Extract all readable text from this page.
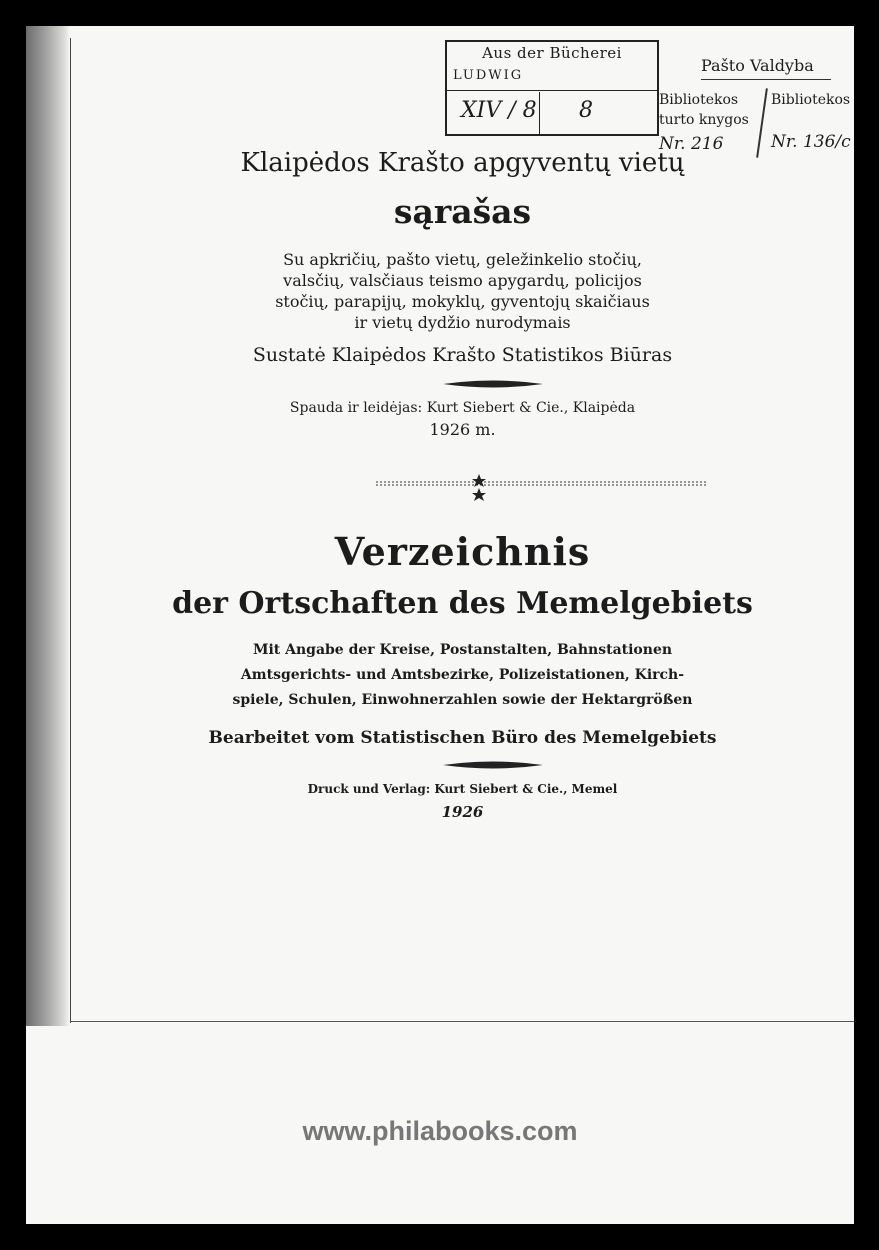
Aus der Bücherei
LUDWIG
XIV / 8 8
Pašto Valdyba
Bibliotekos
turto knygos
Nr. 216
Bibliotekos
Nr. 136/c
Klaipėdos Krašto apgyventų vietų
sąrašas
Su apkričių, pašto vietų, geležinkelio stočių,
valsčių, valsčiaus teismo apygardų, policijos
stočių, parapijų, mokyklų, gyventojų skaičiaus
ir vietų dydžio nurodymais
Sustatė Klaipėdos Krašto Statistikos Biūras
Spauda ir leidėjas: Kurt Siebert & Cie., Klaipėda
1926 m.
Verzeichnis
der Ortschaften des Memelgebiets
Mit Angabe der Kreise, Postanstalten, Bahnstationen
Amtsgerichts- und Amtsbezirke, Polizeistationen, Kirch-
spiele, Schulen, Einwohnerzahlen sowie der Hektargrößen
Bearbeitet vom Statistischen Büro des Memelgebiets
Druck und Verlag: Kurt Siebert & Cie., Memel
1926
www.philabooks.com
